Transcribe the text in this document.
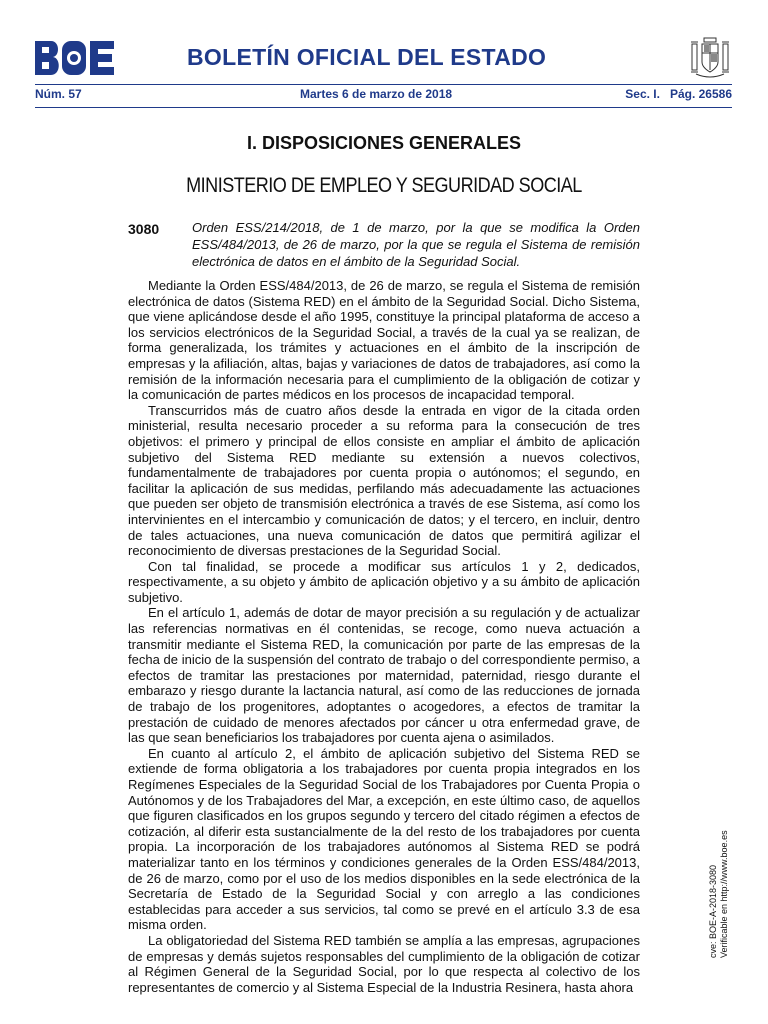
BOLETÍN OFICIAL DEL ESTADO
Núm. 57	Martes 6 de marzo de 2018	Sec. I.   Pág. 26586
I. DISPOSICIONES GENERALES
MINISTERIO DE EMPLEO Y SEGURIDAD SOCIAL
3080	Orden ESS/214/2018, de 1 de marzo, por la que se modifica la Orden ESS/484/2013, de 26 de marzo, por la que se regula el Sistema de remisión electrónica de datos en el ámbito de la Seguridad Social.

Mediante la Orden ESS/484/2013, de 26 de marzo, se regula el Sistema de remisión electrónica de datos (Sistema RED) en el ámbito de la Seguridad Social. Dicho Sistema, que viene aplicándose desde el año 1995, constituye la principal plataforma de acceso a los servicios electrónicos de la Seguridad Social, a través de la cual ya se realizan, de forma generalizada, los trámites y actuaciones en el ámbito de la inscripción de empresas y la afiliación, altas, bajas y variaciones de datos de trabajadores, así como la remisión de la información necesaria para el cumplimiento de la obligación de cotizar y la comunicación de partes médicos en los procesos de incapacidad temporal.

Transcurridos más de cuatro años desde la entrada en vigor de la citada orden ministerial, resulta necesario proceder a su reforma para la consecución de tres objetivos: el primero y principal de ellos consiste en ampliar el ámbito de aplicación subjetivo del Sistema RED mediante su extensión a nuevos colectivos, fundamentalmente de trabajadores por cuenta propia o autónomos; el segundo, en facilitar la aplicación de sus medidas, perfilando más adecuadamente las actuaciones que pueden ser objeto de transmisión electrónica a través de ese Sistema, así como los intervinientes en el intercambio y comunicación de datos; y el tercero, en incluir, dentro de tales actuaciones, una nueva comunicación de datos que permitirá agilizar el reconocimiento de diversas prestaciones de la Seguridad Social.

Con tal finalidad, se procede a modificar sus artículos 1 y 2, dedicados, respectivamente, a su objeto y ámbito de aplicación objetivo y a su ámbito de aplicación subjetivo.

En el artículo 1, además de dotar de mayor precisión a su regulación y de actualizar las referencias normativas en él contenidas, se recoge, como nueva actuación a transmitir mediante el Sistema RED, la comunicación por parte de las empresas de la fecha de inicio de la suspensión del contrato de trabajo o del correspondiente permiso, a efectos de tramitar las prestaciones por maternidad, paternidad, riesgo durante el embarazo y riesgo durante la lactancia natural, así como de las reducciones de jornada de trabajo de los progenitores, adoptantes o acogedores, a efectos de tramitar la prestación de cuidado de menores afectados por cáncer u otra enfermedad grave, de las que sean beneficiarios los trabajadores por cuenta ajena o asimilados.

En cuanto al artículo 2, el ámbito de aplicación subjetivo del Sistema RED se extiende de forma obligatoria a los trabajadores por cuenta propia integrados en los Regímenes Especiales de la Seguridad Social de los Trabajadores por Cuenta Propia o Autónomos y de los Trabajadores del Mar, a excepción, en este último caso, de aquellos que figuren clasificados en los grupos segundo y tercero del citado régimen a efectos de cotización, al diferir esta sustancialmente de la del resto de los trabajadores por cuenta propia. La incorporación de los trabajadores autónomos al Sistema RED se podrá materializar tanto en los términos y condiciones generales de la Orden ESS/484/2013, de 26 de marzo, como por el uso de los medios disponibles en la sede electrónica de la Secretaría de Estado de la Seguridad Social y con arreglo a las condiciones establecidas para acceder a sus servicios, tal como se prevé en el artículo 3.3 de esa misma orden.

La obligatoriedad del Sistema RED también se amplía a las empresas, agrupaciones de empresas y demás sujetos responsables del cumplimiento de la obligación de cotizar al Régimen General de la Seguridad Social, por lo que respecta al colectivo de los representantes de comercio y al Sistema Especial de la Industria Resinera, hasta ahora

cve: BOE-A-2018-3080 Verificable en http://www.boe.es
